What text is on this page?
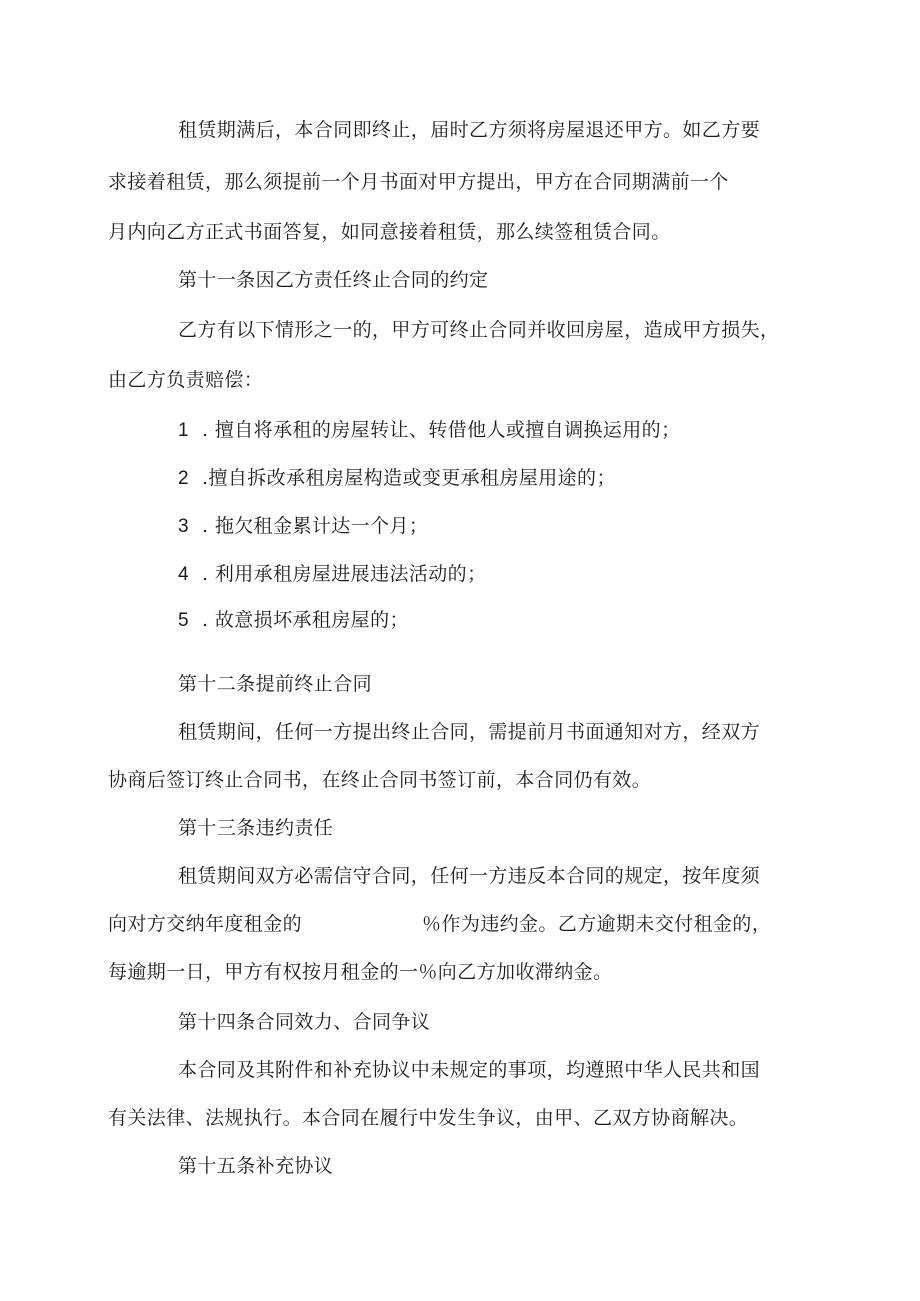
租赁期满后，本合同即终止，届时乙方须将房屋退还甲方。如乙方要
求接着租赁，那么须提前一个月书面对甲方提出，甲方在合同期满前一个
月内向乙方正式书面答复，如同意接着租赁，那么续签租赁合同。
第十一条因乙方责任终止合同的约定
乙方有以下情形之一的，甲方可终止合同并收回房屋，造成甲方损失，
由乙方负责赔偿：
1 . 擅自将承租的房屋转让、转借他人或擅自调换运用的；
2 .擅自拆改承租房屋构造或变更承租房屋用途的；
3 . 拖欠租金累计达一个月；
4 . 利用承租房屋进展违法活动的；
5 . 故意损坏承租房屋的；
第十二条提前终止合同
租赁期间，任何一方提出终止合同，需提前月书面通知对方，经双方
协商后签订终止合同书，在终止合同书签订前，本合同仍有效。
第十三条违约责任
租赁期间双方必需信守合同，任何一方违反本合同的规定，按年度须
向对方交纳年度租金的	％作为违约金。乙方逾期未交付租金的，
每逾期一日，甲方有权按月租金的一％向乙方加收滞纳金。
第十四条合同效力、合同争议
本合同及其附件和补充协议中未规定的事项，均遵照中华人民共和国
有关法律、法规执行。本合同在履行中发生争议，由甲、乙双方协商解决。
第十五条补充协议
